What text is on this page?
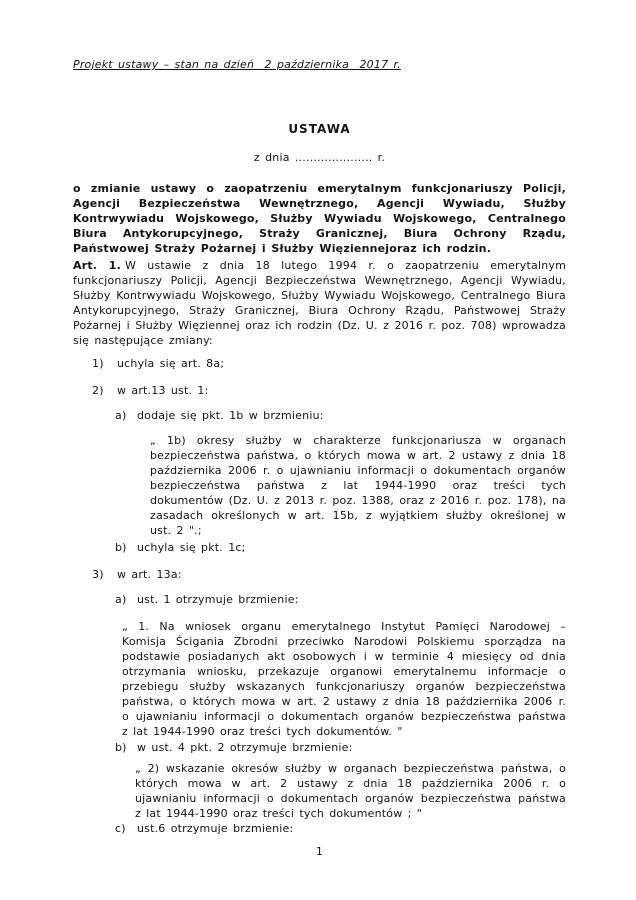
Projekt ustawy – stan na dzień  2 października  2017 r.
USTAWA
z dnia ..................... r.
o zmianie ustawy o zaopatrzeniu emerytalnym funkcjonariuszy Policji, Agencji Bezpieczeństwa Wewnętrznego, Agencji Wywiadu, Służby Kontrwywiadu Wojskowego, Służby Wywiadu Wojskowego, Centralnego Biura Antykorupcyjnego, Straży Granicznej, Biura Ochrony Rządu, Państwowej Straży Pożarnej i Służby Więziennejoraz ich rodzin.
Art. 1. W ustawie z dnia 18 lutego 1994 r. o zaopatrzeniu emerytalnym funkcjonariuszy Policji, Agencji Bezpieczeństwa Wewnętrznego, Agencji Wywiadu, Służby Kontrwywiadu Wojskowego, Służby Wywiadu Wojskowego, Centralnego Biura Antykorupcyjnego, Straży Granicznej, Biura Ochrony Rządu, Państwowej Straży Pożarnej i Służby Więziennej oraz ich rodzin (Dz. U. z 2016 r. poz. 708) wprowadza się następujące zmiany:
1)	uchyla się art. 8a;
2)	w art.13 ust. 1:
a) dodaje się pkt. 1b w brzmieniu:
„ 1b) okresy służby w charakterze funkcjonariusza w organach bezpieczeństwa państwa, o których mowa w art. 2 ustawy z dnia 18 października 2006 r. o ujawnianiu informacji o dokumentach organów bezpieczeństwa państwa z lat 1944-1990 oraz treści tych dokumentów (Dz. U. z 2013 r. poz. 1388, oraz z 2016 r. poz. 178), na zasadach określonych w art. 15b, z wyjątkiem służby określonej w ust. 2 ".;
b) uchyla się pkt. 1c;
3)	w art. 13a:
a) ust. 1 otrzymuje brzmienie:
„ 1. Na wniosek organu emerytalnego Instytut Pamięci Narodowej – Komisja Ścigania Zbrodni przeciwko Narodowi Polskiemu sporządza na podstawie posiadanych akt osobowych i w terminie 4 miesięcy od dnia otrzymania wniosku, przekazuje organowi emerytalnemu informacje o przebiegu służby wskazanych funkcjonariuszy organów bezpieczeństwa państwa, o których mowa w art. 2 ustawy z dnia 18 października 2006 r. o ujawnianiu informacji o dokumentach organów bezpieczeństwa państwa z lat 1944-1990 oraz treści tych dokumentów. "
b) w ust. 4 pkt. 2 otrzymuje brzmienie:
„ 2) wskazanie okresów służby w organach bezpieczeństwa państwa, o których mowa w art. 2 ustawy z dnia 18 października 2006 r. o ujawnianiu informacji o dokumentach organów bezpieczeństwa państwa z lat 1944-1990 oraz treści tych dokumentów ; "
c)	ust.6 otrzymuje brzmienie:
1
